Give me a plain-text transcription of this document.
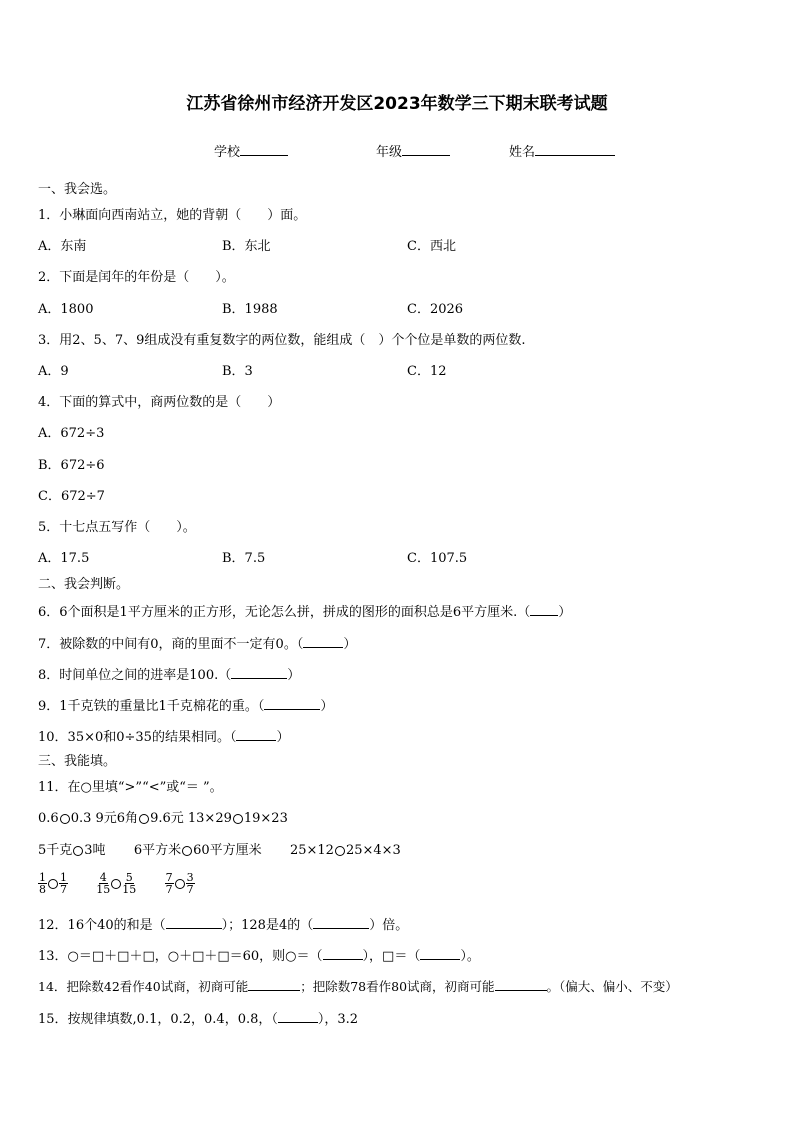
江苏省徐州市经济开发区2023年数学三下期末联考试题
学校	年级	姓名
一、我会选。
1．小琳面向西南站立，她的背朝（　　）面。
A．东南	B．东北	C．西北
2．下面是闰年的年份是（　　）。
A．1800	B．1988	C．2026
3．用2、5、7、9组成没有重复数字的两位数，能组成（　）个个位是单数的两位数.
A．9	B．3	C．12
4．下面的算式中，商两位数的是（　　）
A．672÷3
B．672÷6
C．672÷7
5．十七点五写作（　　）。
A．17.5	B．7.5	C．107.5
二、我会判断。
6．6个面积是1平方厘米的正方形，无论怎么拼，拼成的图形的面积总是6平方厘米.（ ）
7．被除数的中间有0，商的里面不一定有0。（	）
8．时间单位之间的进率是100.（	）
9．1千克铁的重量比1千克棉花的重。（	）
10．35×0和0÷35的结果相同。（	）
三、我能填。
11．在○里填“>”“<”或“＝ ”。
0.6 0.3 9元6角 9.6元 13×29 19×23
5千克 3吨 6平方米 60平方厘米 25×12 25×4×3
$\frac{1}{8} \frac{1}{7}$
	$\frac{4}{15} \frac{5}{15}$
	$\frac{7}{7} \frac{3}{7}$
12．16个40的和是（	）；128是4的（	）倍。
13．○＝□＋□＋□，○＋□＋□＝60，则○＝（	），□＝（	）。
14．把除数42看作40试商，初商可能	；把除数78看作80试商，初商可能	。（偏大、偏小、不变）
15．按规律填数,0.1，0.2，0.4，0.8，（	），3.2
